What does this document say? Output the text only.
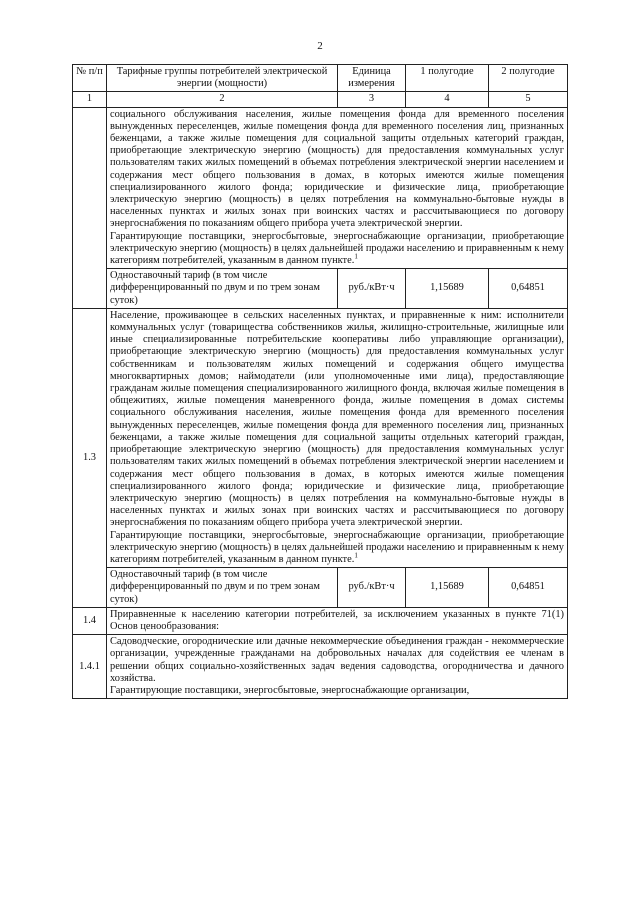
2
№ п/п	Тарифные группы потребителей электрической энергии (мощности)	Единица измерения	1 полугодие	2 полугодие
1	2	3	4	5

	социального обслуживания населения, жилые помещения фонда для временного поселения вынужденных переселенцев, жилые помещения фонда для временного поселения лиц, признанных беженцами, а также жилые помещения для социальной защиты отдельных категорий граждан, приобретающие электрическую энергию (мощность) для предоставления коммунальных услуг пользователям таких жилых помещений в объемах потребления электрической энергии населением и содержания мест общего пользования в домах, в которых имеются жилые помещения специализированного жилого фонда; юридические и физические лица, приобретающие электрическую энергию (мощность) в целях потребления на коммунально-бытовые нужды в населенных пунктах и жилых зонах при воинских частях и рассчитывающиеся по договору энергоснабжения по показаниям общего прибора учета электрической энергии.

Гарантирующие поставщики, энергосбытовые, энергоснабжающие организации, приобретающие электрическую энергию (мощность) в целях дальнейшей продажи населению и приравненным к нему категориям потребителей, указанным в данном пункте.$^1$

	Одноставочный тариф (в том числе дифференцированный по двум и по трем зонам суток)	руб./кВт·ч	1,15689	0,64851
1.3	Население, проживающее в сельских населенных пунктах, и приравненные к ним: исполнители коммунальных услуг (товарищества собственников жилья, жилищно-строительные, жилищные или иные специализированные потребительские кооперативы либо управляющие организации), приобретающие электрическую энергию (мощность) для предоставления коммунальных услуг собственникам и пользователям жилых помещений и содержания общего имущества многоквартирных домов; наймодатели (или уполномоченные ими лица), предоставляющие гражданам жилые помещения специализированного жилищного фонда, включая жилые помещения в общежитиях, жилые помещения маневренного фонда, жилые помещения в домах системы социального обслуживания населения, жилые помещения фонда для временного поселения вынужденных переселенцев, жилые помещения фонда для временного поселения лиц, признанных беженцами, а также жилые помещения для социальной защиты отдельных категорий граждан, приобретающие электрическую энергию (мощность) для предоставления коммунальных услуг пользователям таких жилых помещений в объемах потребления электрической энергии населением и содержания мест общего пользования в домах, в которых имеются жилые помещения специализированного жилого фонда; юридические и физические лица, приобретающие электрическую энергию (мощность) в целях потребления на коммунально-бытовые нужды в населенных пунктах и жилых зонах при воинских частях и рассчитывающиеся по договору энергоснабжения по показаниям общего прибора учета электрической энергии.

Гарантирующие поставщики, энергосбытовые, энергоснабжающие организации, приобретающие электрическую энергию (мощность) в целях дальнейшей продажи населению и приравненным к нему категориям потребителей, указанным в данном пункте.$^1$

	Одноставочный тариф (в том числе дифференцированный по двум и по трем зонам суток)	руб./кВт·ч	1,15689	0,64851
1.4	Приравненные к населению категории потребителей, за исключением указанных в пункте 71(1) Основ ценообразования:			

1.4.1	Садоводческие, огороднические или дачные некоммерческие объединения граждан - некоммерческие организации, учрежденные гражданами на добровольных началах для содействия ее членам в решении общих социально-хозяйственных задач ведения садоводства, огородничества и дачного хозяйства.

Гарантирующие поставщики, энергосбытовые, энергоснабжающие организации,			
